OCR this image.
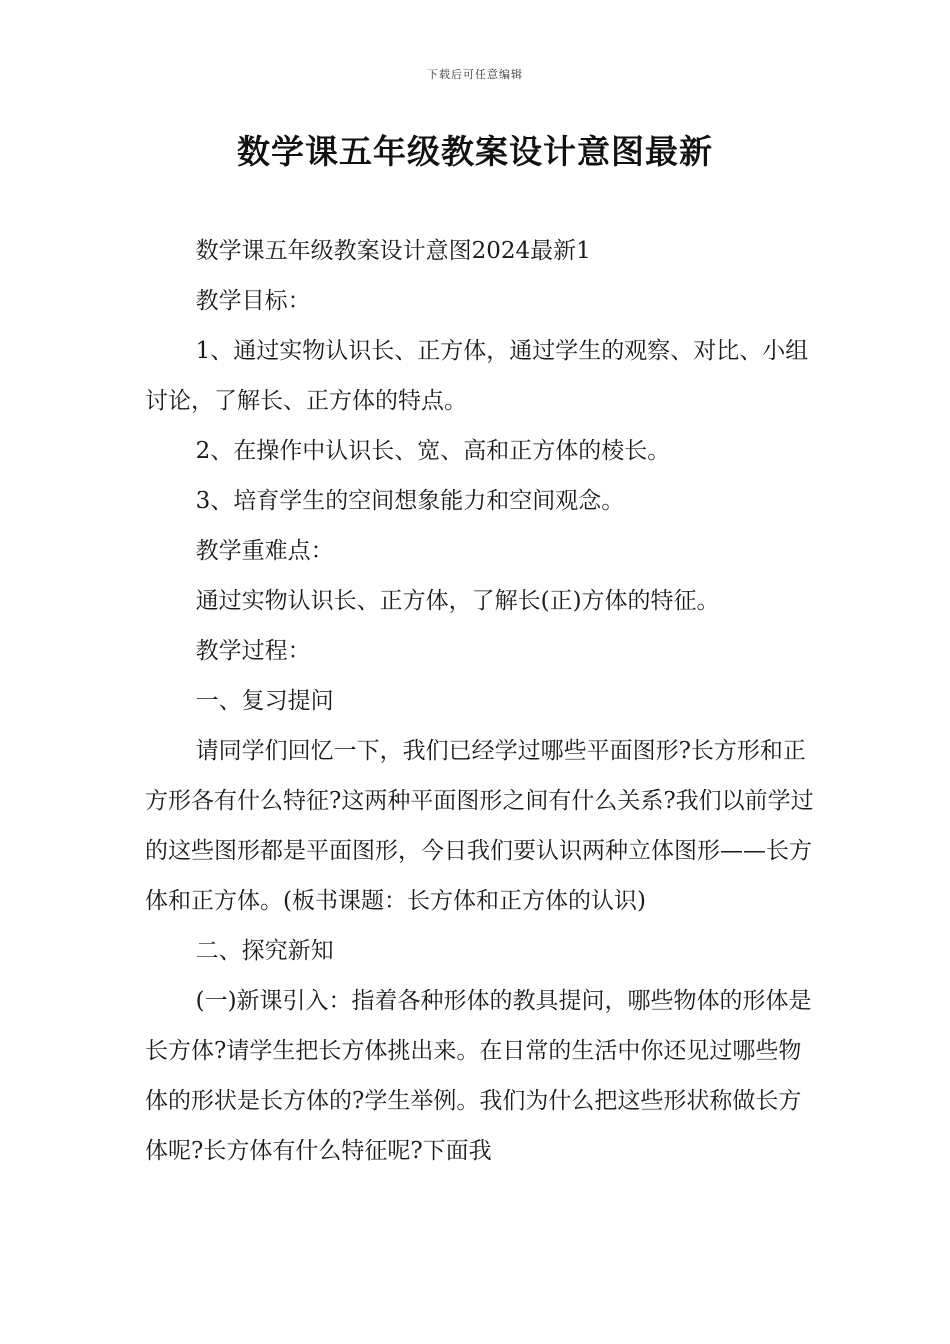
下载后可任意编辑
数学课五年级教案设计意图最新

数学课五年级教案设计意图2024最新1

教学目标：

1、通过实物认识长、正方体，通过学生的观察、对比、小组讨论，了解长、正方体的特点。

2、在操作中认识长、宽、高和正方体的棱长。

3、培育学生的空间想象能力和空间观念。

教学重难点：

通过实物认识长、正方体，了解长(正)方体的特征。

教学过程：

一、复习提问

请同学们回忆一下，我们已经学过哪些平面图形?长方形和正方形各有什么特征?这两种平面图形之间有什么关系?我们以前学过的这些图形都是平面图形，今日我们要认识两种立体图形——长方体和正方体。(板书课题：长方体和正方体的认识)

二、探究新知

(一)新课引入：指着各种形体的教具提问，哪些物体的形体是长方体?请学生把长方体挑出来。在日常的生活中你还见过哪些物体的形状是长方体的?学生举例。我们为什么把这些形状称做长方体呢?长方体有什么特征呢?下面我
